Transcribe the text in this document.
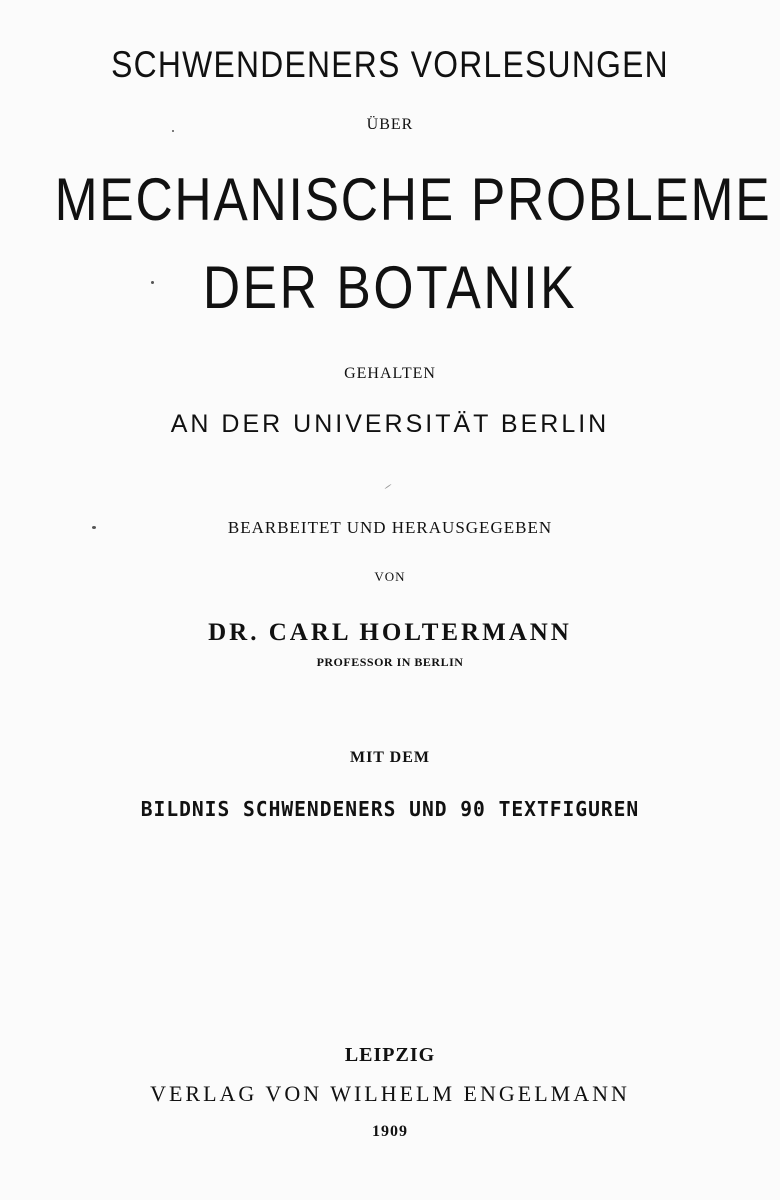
SCHWENDENERS VORLESUNGEN
ÜBER
MECHANISCHE PROBLEME
DER BOTANIK
GEHALTEN
AN DER UNIVERSITÄT BERLIN
BEARBEITET UND HERAUSGEGEBEN
VON
DR. CARL HOLTERMANN
PROFESSOR IN BERLIN
MIT DEM
BILDNIS SCHWENDENERS UND 90 TEXTFIGUREN
LEIPZIG
VERLAG VON WILHELM ENGELMANN
1909
